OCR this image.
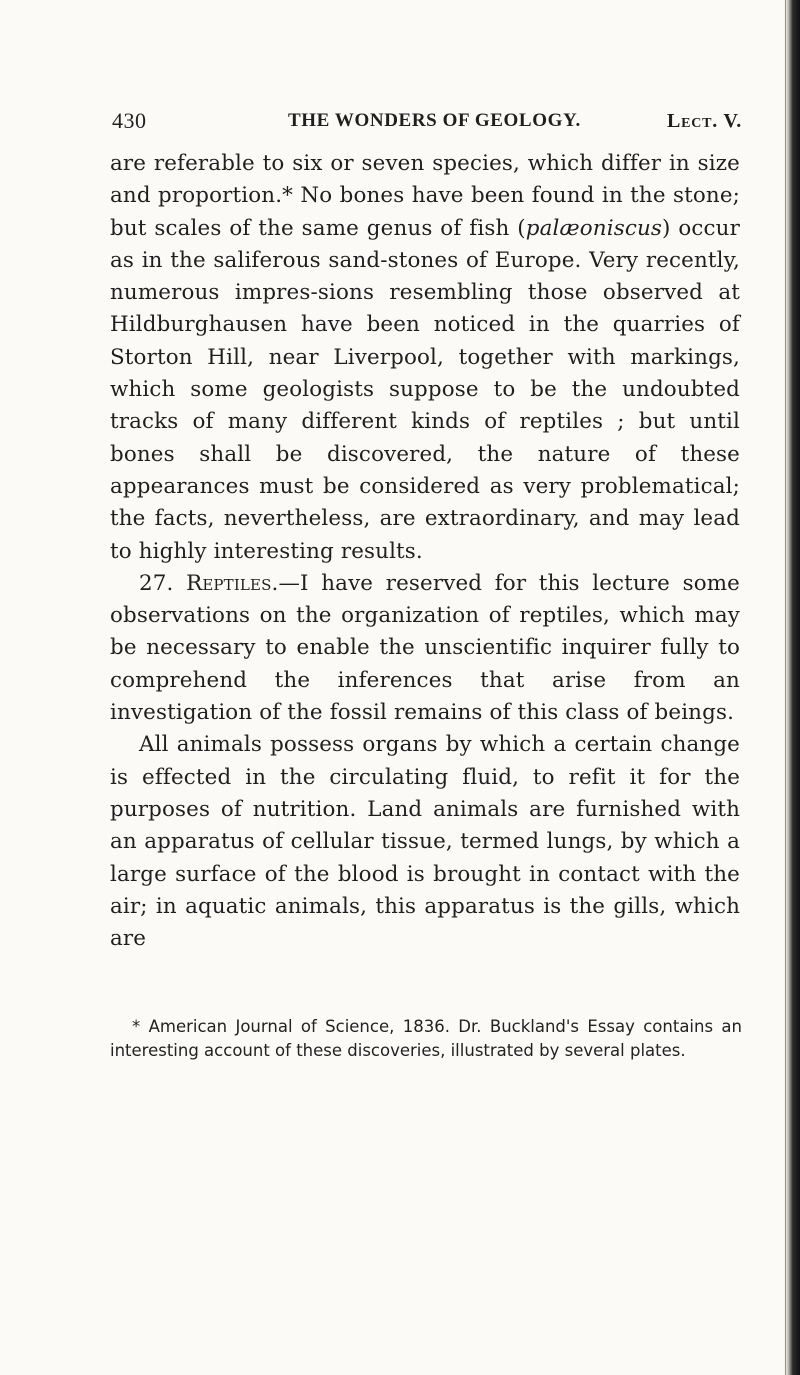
430	THE WONDERS OF GEOLOGY.	Lect. V.

are referable to six or seven species, which differ in size and proportion.* No bones have been found in the stone; but scales of the same genus of fish (palæoniscus) occur as in the saliferous sand-stones of Europe. Very recently, numerous impres-sions resembling those observed at Hildburghausen have been noticed in the quarries of Storton Hill, near Liverpool, together with markings, which some geologists suppose to be the undoubted tracks of many different kinds of reptiles ; but until bones shall be discovered, the nature of these appearances must be considered as very problematical; the facts, nevertheless, are extraordinary, and may lead to highly interesting results.

27. Reptiles.—I have reserved for this lecture some observations on the organization of reptiles, which may be necessary to enable the unscientific inquirer fully to comprehend the inferences that arise from an investigation of the fossil remains of this class of beings.

All animals possess organs by which a certain change is effected in the circulating fluid, to refit it for the purposes of nutrition. Land animals are furnished with an apparatus of cellular tissue, termed lungs, by which a large surface of the blood is brought in contact with the air; in aquatic animals, this apparatus is the gills, which are

* American Journal of Science, 1836. Dr. Buckland's Essay contains an interesting account of these discoveries, illustrated by several plates.
